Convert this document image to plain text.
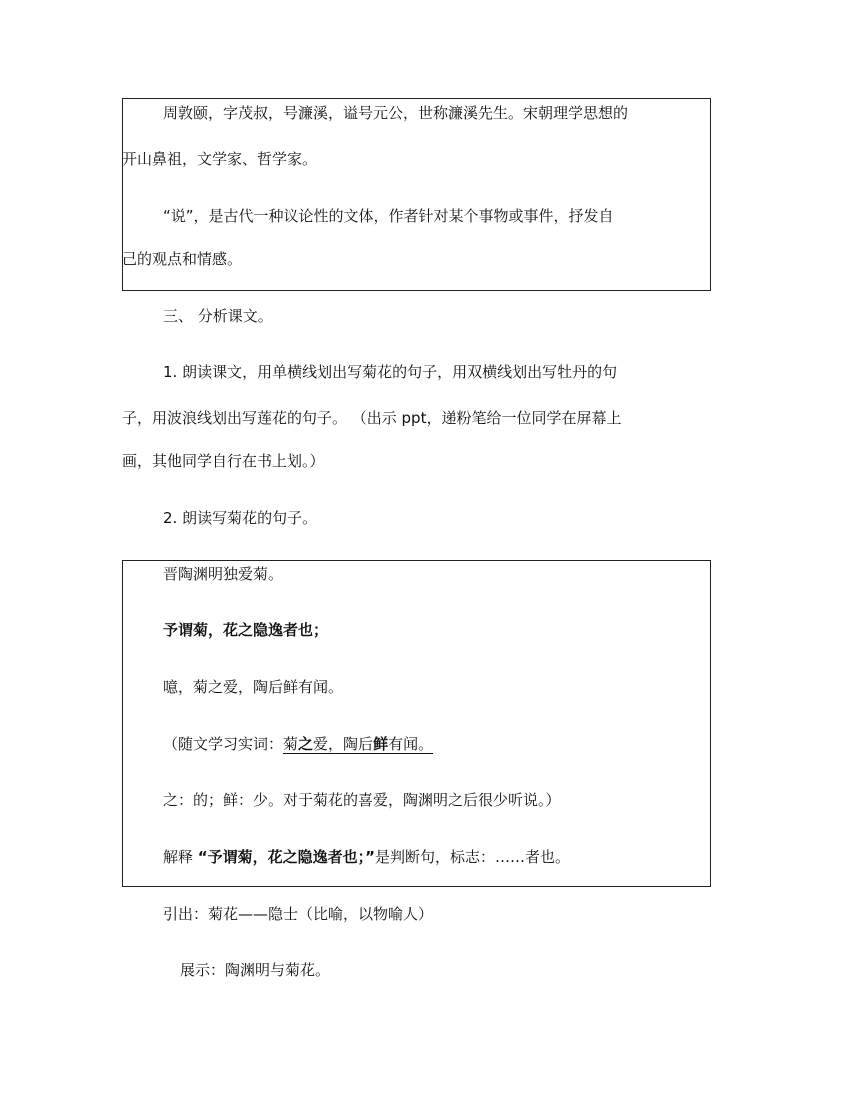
周敦颐，字茂叔，号濂溪，谥号元公，世称濂溪先生。宋朝理学思想的
开山鼻祖，文学家、哲学家。
“说”，是古代一种议论性的文体，作者针对某个事物或事件，抒发自
己的观点和情感。
三、 分析课文。
1. 朗读课文，用单横线划出写菊花的句子，用双横线划出写牡丹的句
子，用波浪线划出写莲花的句子。 （出示 ppt，递粉笔给一位同学在屏幕上
画，其他同学自行在书上划。）
2. 朗读写菊花的句子。
晋陶渊明独爱菊。
予谓菊，花之隐逸者也；
噫，菊之爱，陶后鲜有闻。
（随文学习实词：菊之爱，陶后鲜有闻。
之：的；鲜：少。对于菊花的喜爱，陶渊明之后很少听说。）
解释 “予谓菊，花之隐逸者也；”是判断句，标志：……者也。
引出：菊花——隐士（比喻，以物喻人）
展示：陶渊明与菊花。
